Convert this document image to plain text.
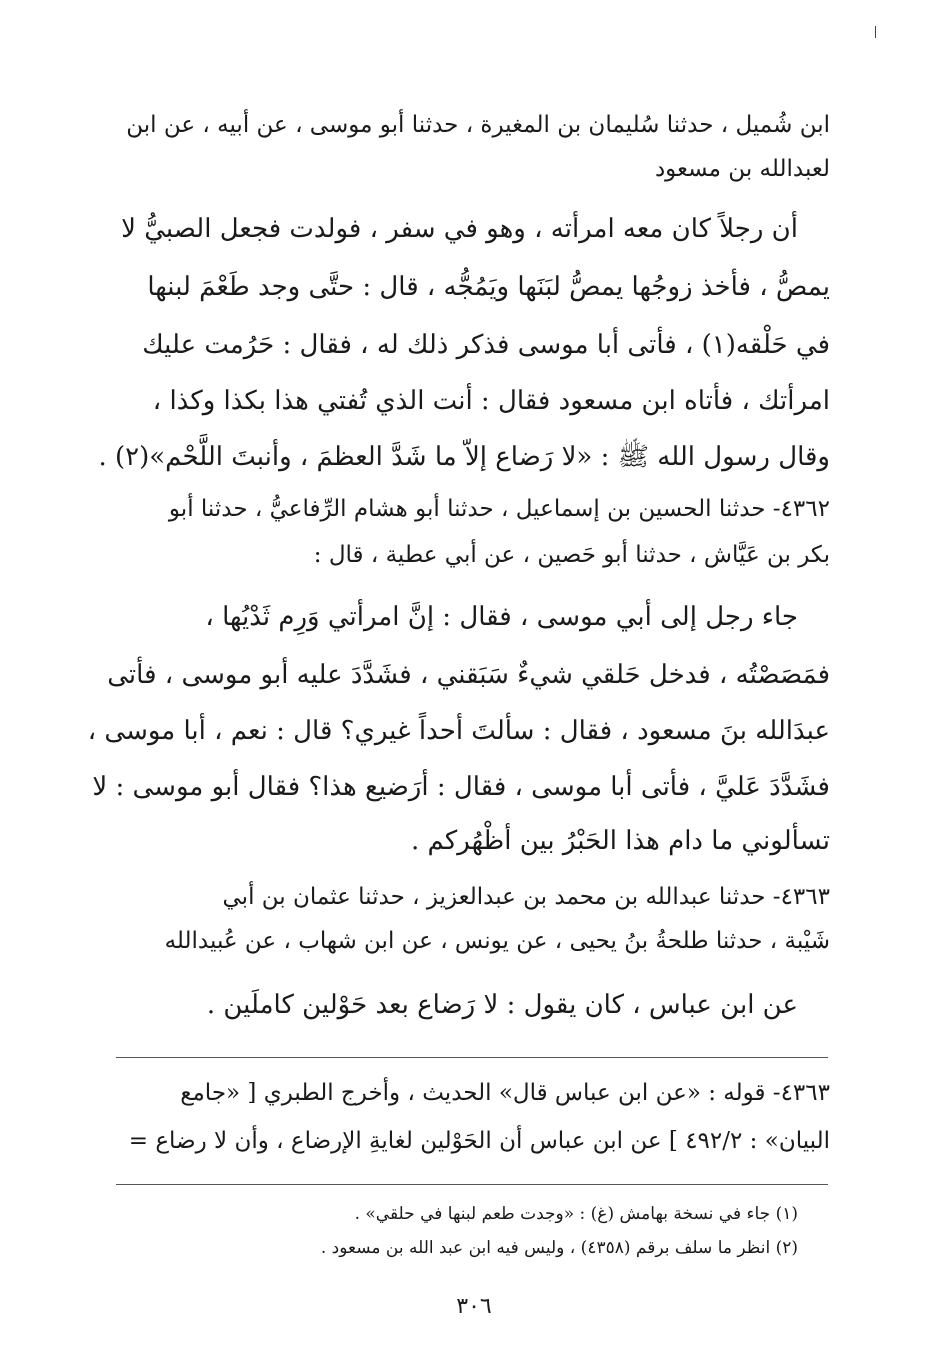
ابن شُميل ، حدثنا سُليمان بن المغيرة ، حدثنا أبو موسى ، عن أبيه ، عن ابن
لعبدالله بن مسعود
أن رجلاً كان معه امرأته ، وهو في سفر ، فولدت فجعل الصبيُّ لا
يمصُّ ، فأخذ زوجُها يمصُّ لبَنَها ويَمُجُّه ، قال : حتَّى وجد طَعْمَ لبنها
في حَلْقه(١) ، فأتى أبا موسى فذكر ذلك له ، فقال : حَرُمت عليك
امرأتك ، فأتاه ابن مسعود فقال : أنت الذي تُفتي هذا بكذا وكذا ،
وقال رسول الله ﷺ : «لا رَضاع إلاّ ما شَدَّ العظمَ ، وأنبتَ اللَّحْم»(٢) .
٤٣٦٢- حدثنا الحسين بن إسماعيل ، حدثنا أبو هشام الرِّفاعيُّ ، حدثنا أبو
بكر بن عَيَّاش ، حدثنا أبو حَصين ، عن أبي عطية ، قال :
جاء رجل إلى أبي موسى ، فقال : إنَّ امرأتي وَرِم ثَدْيُها ،
فمَصَصْتُه ، فدخل حَلقي شيءٌ سَبَقني ، فشَدَّدَ عليه أبو موسى ، فأتى
عبدَالله بنَ مسعود ، فقال : سألتَ أحداً غيري؟ قال : نعم ، أبا موسى ،
فشَدَّدَ عَليَّ ، فأتى أبا موسى ، فقال : أرَضيع هذا؟ فقال أبو موسى : لا
تسألوني ما دام هذا الحَبْرُ بين أظْهُركم .
٤٣٦٣- حدثنا عبدالله بن محمد بن عبدالعزيز ، حدثنا عثمان بن أبي
شَيْبة ، حدثنا طلحةُ بنُ يحيى ، عن يونس ، عن ابن شهاب ، عن عُبيدالله
عن ابن عباس ، كان يقول : لا رَضاع بعد حَوْلين كاملَين .
٤٣٦٣- قوله : «عن ابن عباس قال» الحديث ، وأخرج الطبري [ «جامع
البيان» : ٤٩٢/٢ ] عن ابن عباس أن الحَوْلين لغايةِ الإرضاع ، وأن لا رضاع =
(١) جاء في نسخة بهامش (غ) : «وجدت طعم لبنها في حلقي» .
(٢) انظر ما سلف برقم (٤٣٥٨) ، وليس فيه ابن عبد الله بن مسعود .
٣٠٦
